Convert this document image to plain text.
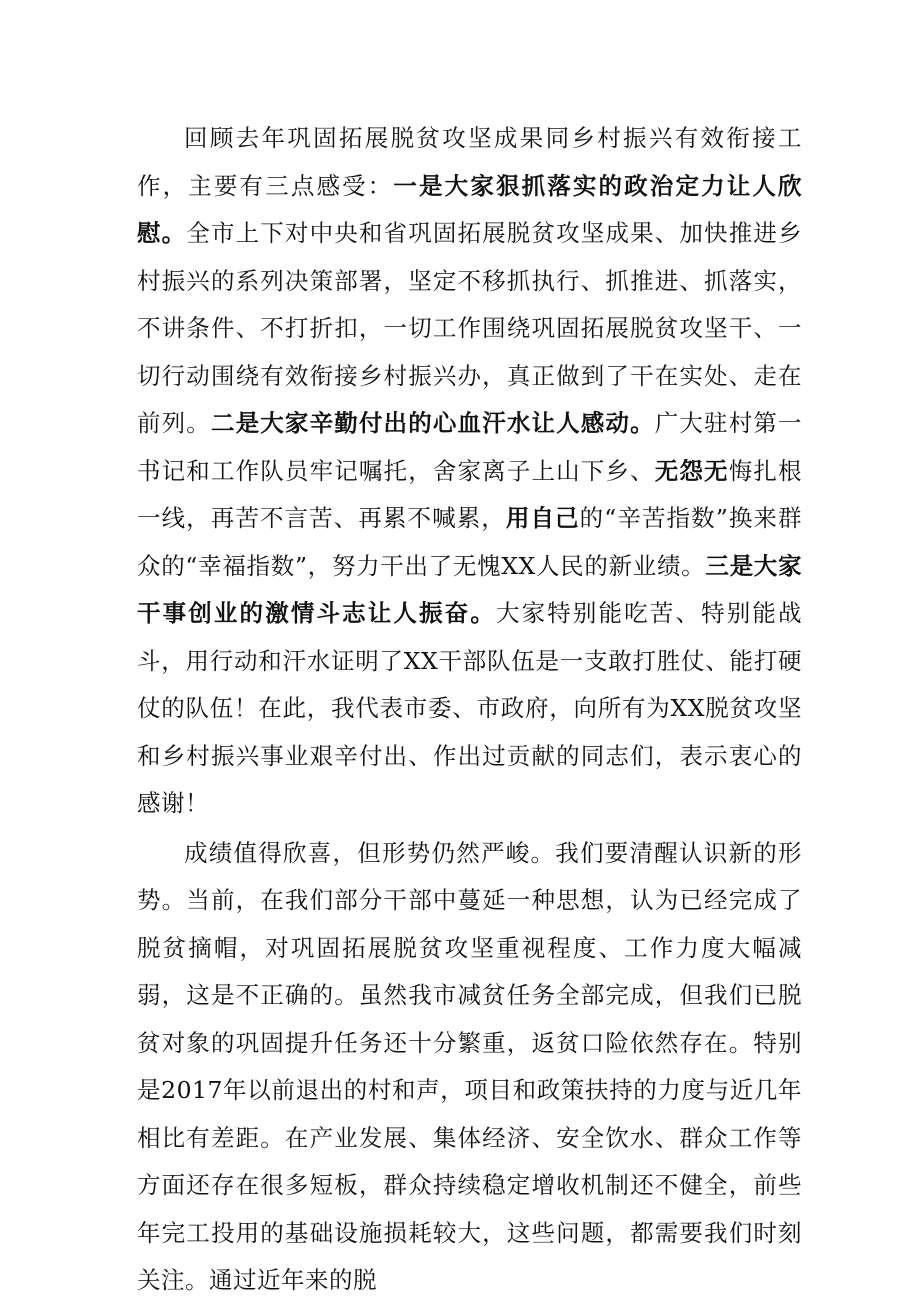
回顾去年巩固拓展脱贫攻坚成果同乡村振兴有效衔接工作，主要有三点感受：一是大家狠抓落实的政治定力让人欣慰。全市上下对中央和省巩固拓展脱贫攻坚成果、加快推进乡村振兴的系列决策部署，坚定不移抓执行、抓推进、抓落实，不讲条件、不打折扣，一切工作围绕巩固拓展脱贫攻坚干、一切行动围绕有效衔接乡村振兴办，真正做到了干在实处、走在前列。二是大家辛勤付出的心血汗水让人感动。广大驻村第一书记和工作队员牢记嘱托，舍家离子上山下乡、无怨无悔扎根一线，再苦不言苦、再累不喊累，用自己的“辛苦指数”换来群众的“幸福指数”，努力干出了无愧XX人民的新业绩。三是大家干事创业的激情斗志让人振奋。大家特别能吃苦、特别能战斗，用行动和汗水证明了XX干部队伍是一支敢打胜仗、能打硬仗的队伍！在此，我代表市委、市政府，向所有为XX脱贫攻坚和乡村振兴事业艰辛付出、作出过贡献的同志们，表示衷心的感谢！

成绩值得欣喜，但形势仍然严峻。我们要清醒认识新的形势。当前，在我们部分干部中蔓延一种思想，认为已经完成了脱贫摘帽，对巩固拓展脱贫攻坚重视程度、工作力度大幅减弱，这是不正确的。虽然我市减贫任务全部完成，但我们已脱贫对象的巩固提升任务还十分繁重，返贫口险依然存在。特别是2017年以前退出的村和声，项目和政策扶持的力度与近几年相比有差距。在产业发展、集体经济、安全饮水、群众工作等方面还存在很多短板，群众持续稳定增收机制还不健全，前些年完工投用的基础设施损耗较大，这些问题，都需要我们时刻关注。通过近年来的脱
